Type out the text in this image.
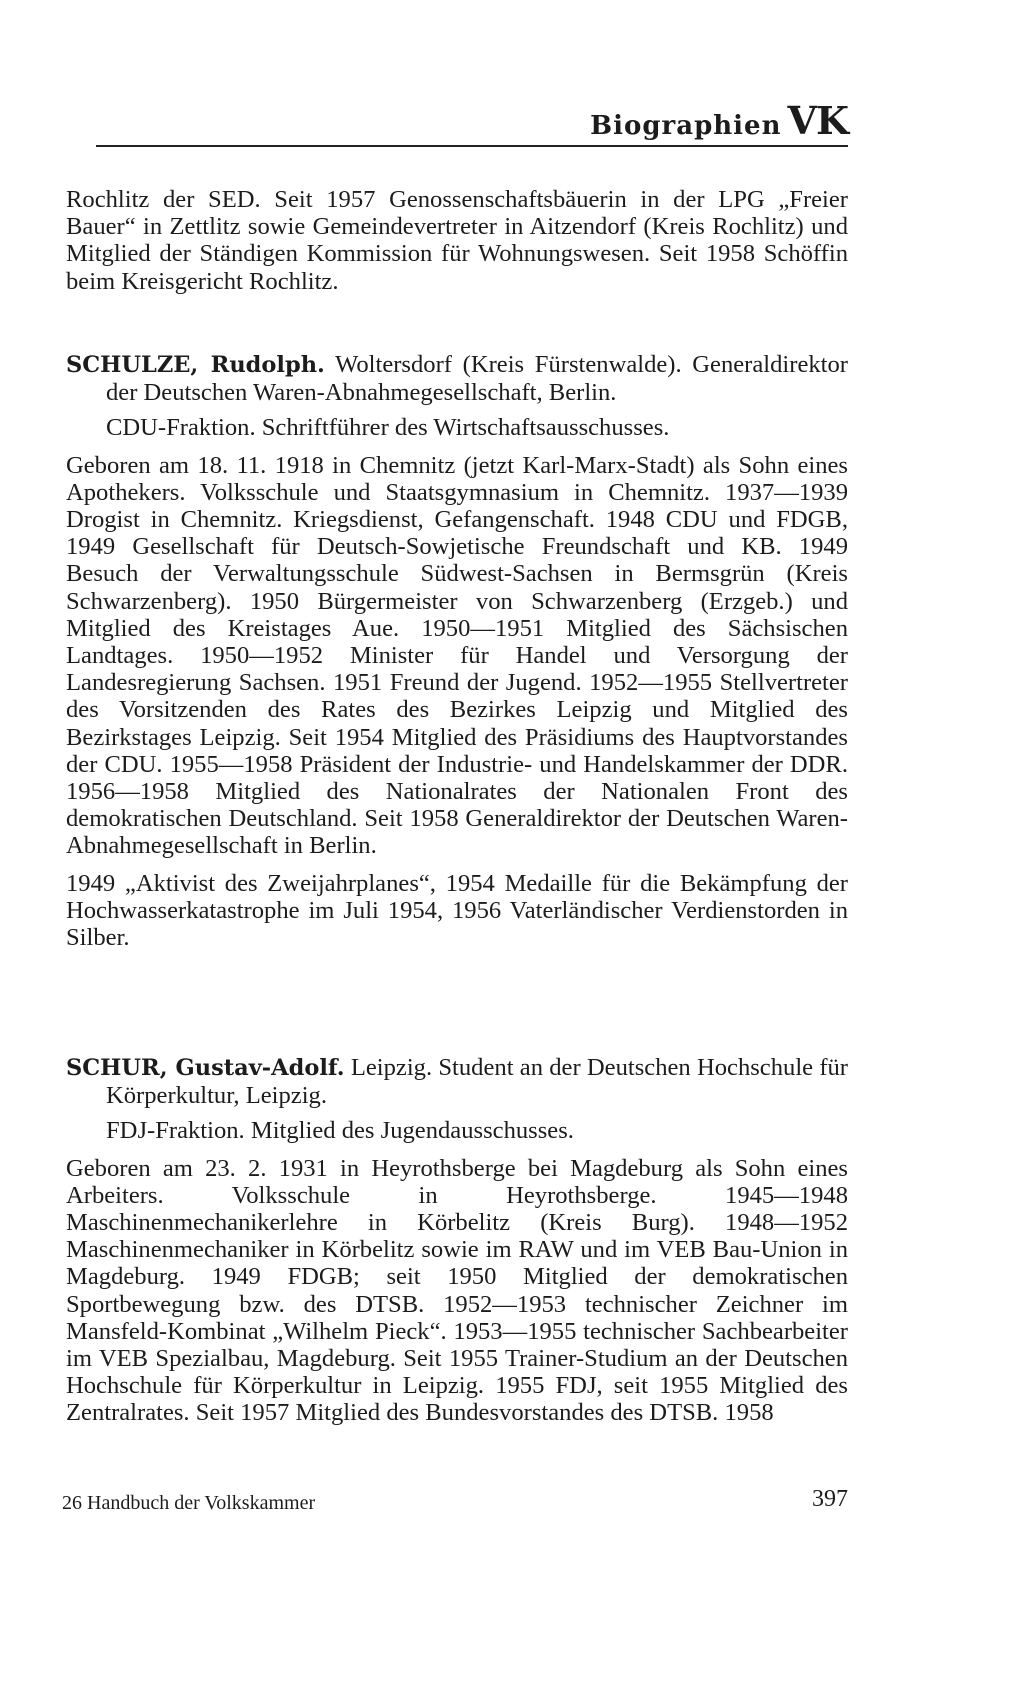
Biographien VK

Rochlitz der SED. Seit 1957 Genossenschaftsbäuerin in der LPG „Freier Bauer“ in Zettlitz sowie Gemeindevertreter in Aitzendorf (Kreis Rochlitz) und Mitglied der Ständigen Kommission für Wohnungswesen. Seit 1958 Schöffin beim Kreisgericht Rochlitz.

SCHULZE, Rudolph. Woltersdorf (Kreis Fürstenwalde). Generaldirektor der Deutschen Waren-Abnahmegesellschaft, Berlin.

CDU-Fraktion. Schriftführer des Wirtschaftsausschusses.

Geboren am 18. 11. 1918 in Chemnitz (jetzt Karl-Marx-Stadt) als Sohn eines Apothekers. Volksschule und Staatsgymnasium in Chemnitz. 1937—1939 Drogist in Chemnitz. Kriegsdienst, Gefangenschaft. 1948 CDU und FDGB, 1949 Gesellschaft für Deutsch-Sowjetische Freundschaft und KB. 1949 Besuch der Verwaltungsschule Südwest-Sachsen in Bermsgrün (Kreis Schwarzenberg). 1950 Bürgermeister von Schwarzenberg (Erzgeb.) und Mitglied des Kreistages Aue. 1950—1951 Mitglied des Sächsischen Landtages. 1950—1952 Minister für Handel und Versorgung der Landesregierung Sachsen. 1951 Freund der Jugend. 1952—1955 Stellvertreter des Vorsitzenden des Rates des Bezirkes Leipzig und Mitglied des Bezirkstages Leipzig. Seit 1954 Mitglied des Präsidiums des Hauptvorstandes der CDU. 1955—1958 Präsident der Industrie- und Handelskammer der DDR. 1956—1958 Mitglied des Nationalrates der Nationalen Front des demokratischen Deutschland. Seit 1958 Generaldirektor der Deutschen Waren-Abnahmegesellschaft in Berlin.

1949 „Aktivist des Zweijahrplanes“, 1954 Medaille für die Bekämpfung der Hochwasserkatastrophe im Juli 1954, 1956 Vaterländischer Verdienstorden in Silber.

SCHUR, Gustav-Adolf. Leipzig. Student an der Deutschen Hochschule für Körperkultur, Leipzig.

FDJ-Fraktion. Mitglied des Jugendausschusses.

Geboren am 23. 2. 1931 in Heyrothsberge bei Magdeburg als Sohn eines Arbeiters. Volksschule in Heyrothsberge. 1945—1948 Maschinenmechanikerlehre in Körbelitz (Kreis Burg). 1948—1952 Maschinenmechaniker in Körbelitz sowie im RAW und im VEB Bau-Union in Magdeburg. 1949 FDGB; seit 1950 Mitglied der demokratischen Sportbewegung bzw. des DTSB. 1952—1953 technischer Zeichner im Mansfeld-Kombinat „Wilhelm Pieck“. 1953—1955 technischer Sachbearbeiter im VEB Spezialbau, Magdeburg. Seit 1955 Trainer-Studium an der Deutschen Hochschule für Körperkultur in Leipzig. 1955 FDJ, seit 1955 Mitglied des Zentralrates. Seit 1957 Mitglied des Bundesvorstandes des DTSB. 1958

26 Handbuch der Volkskammer	397
